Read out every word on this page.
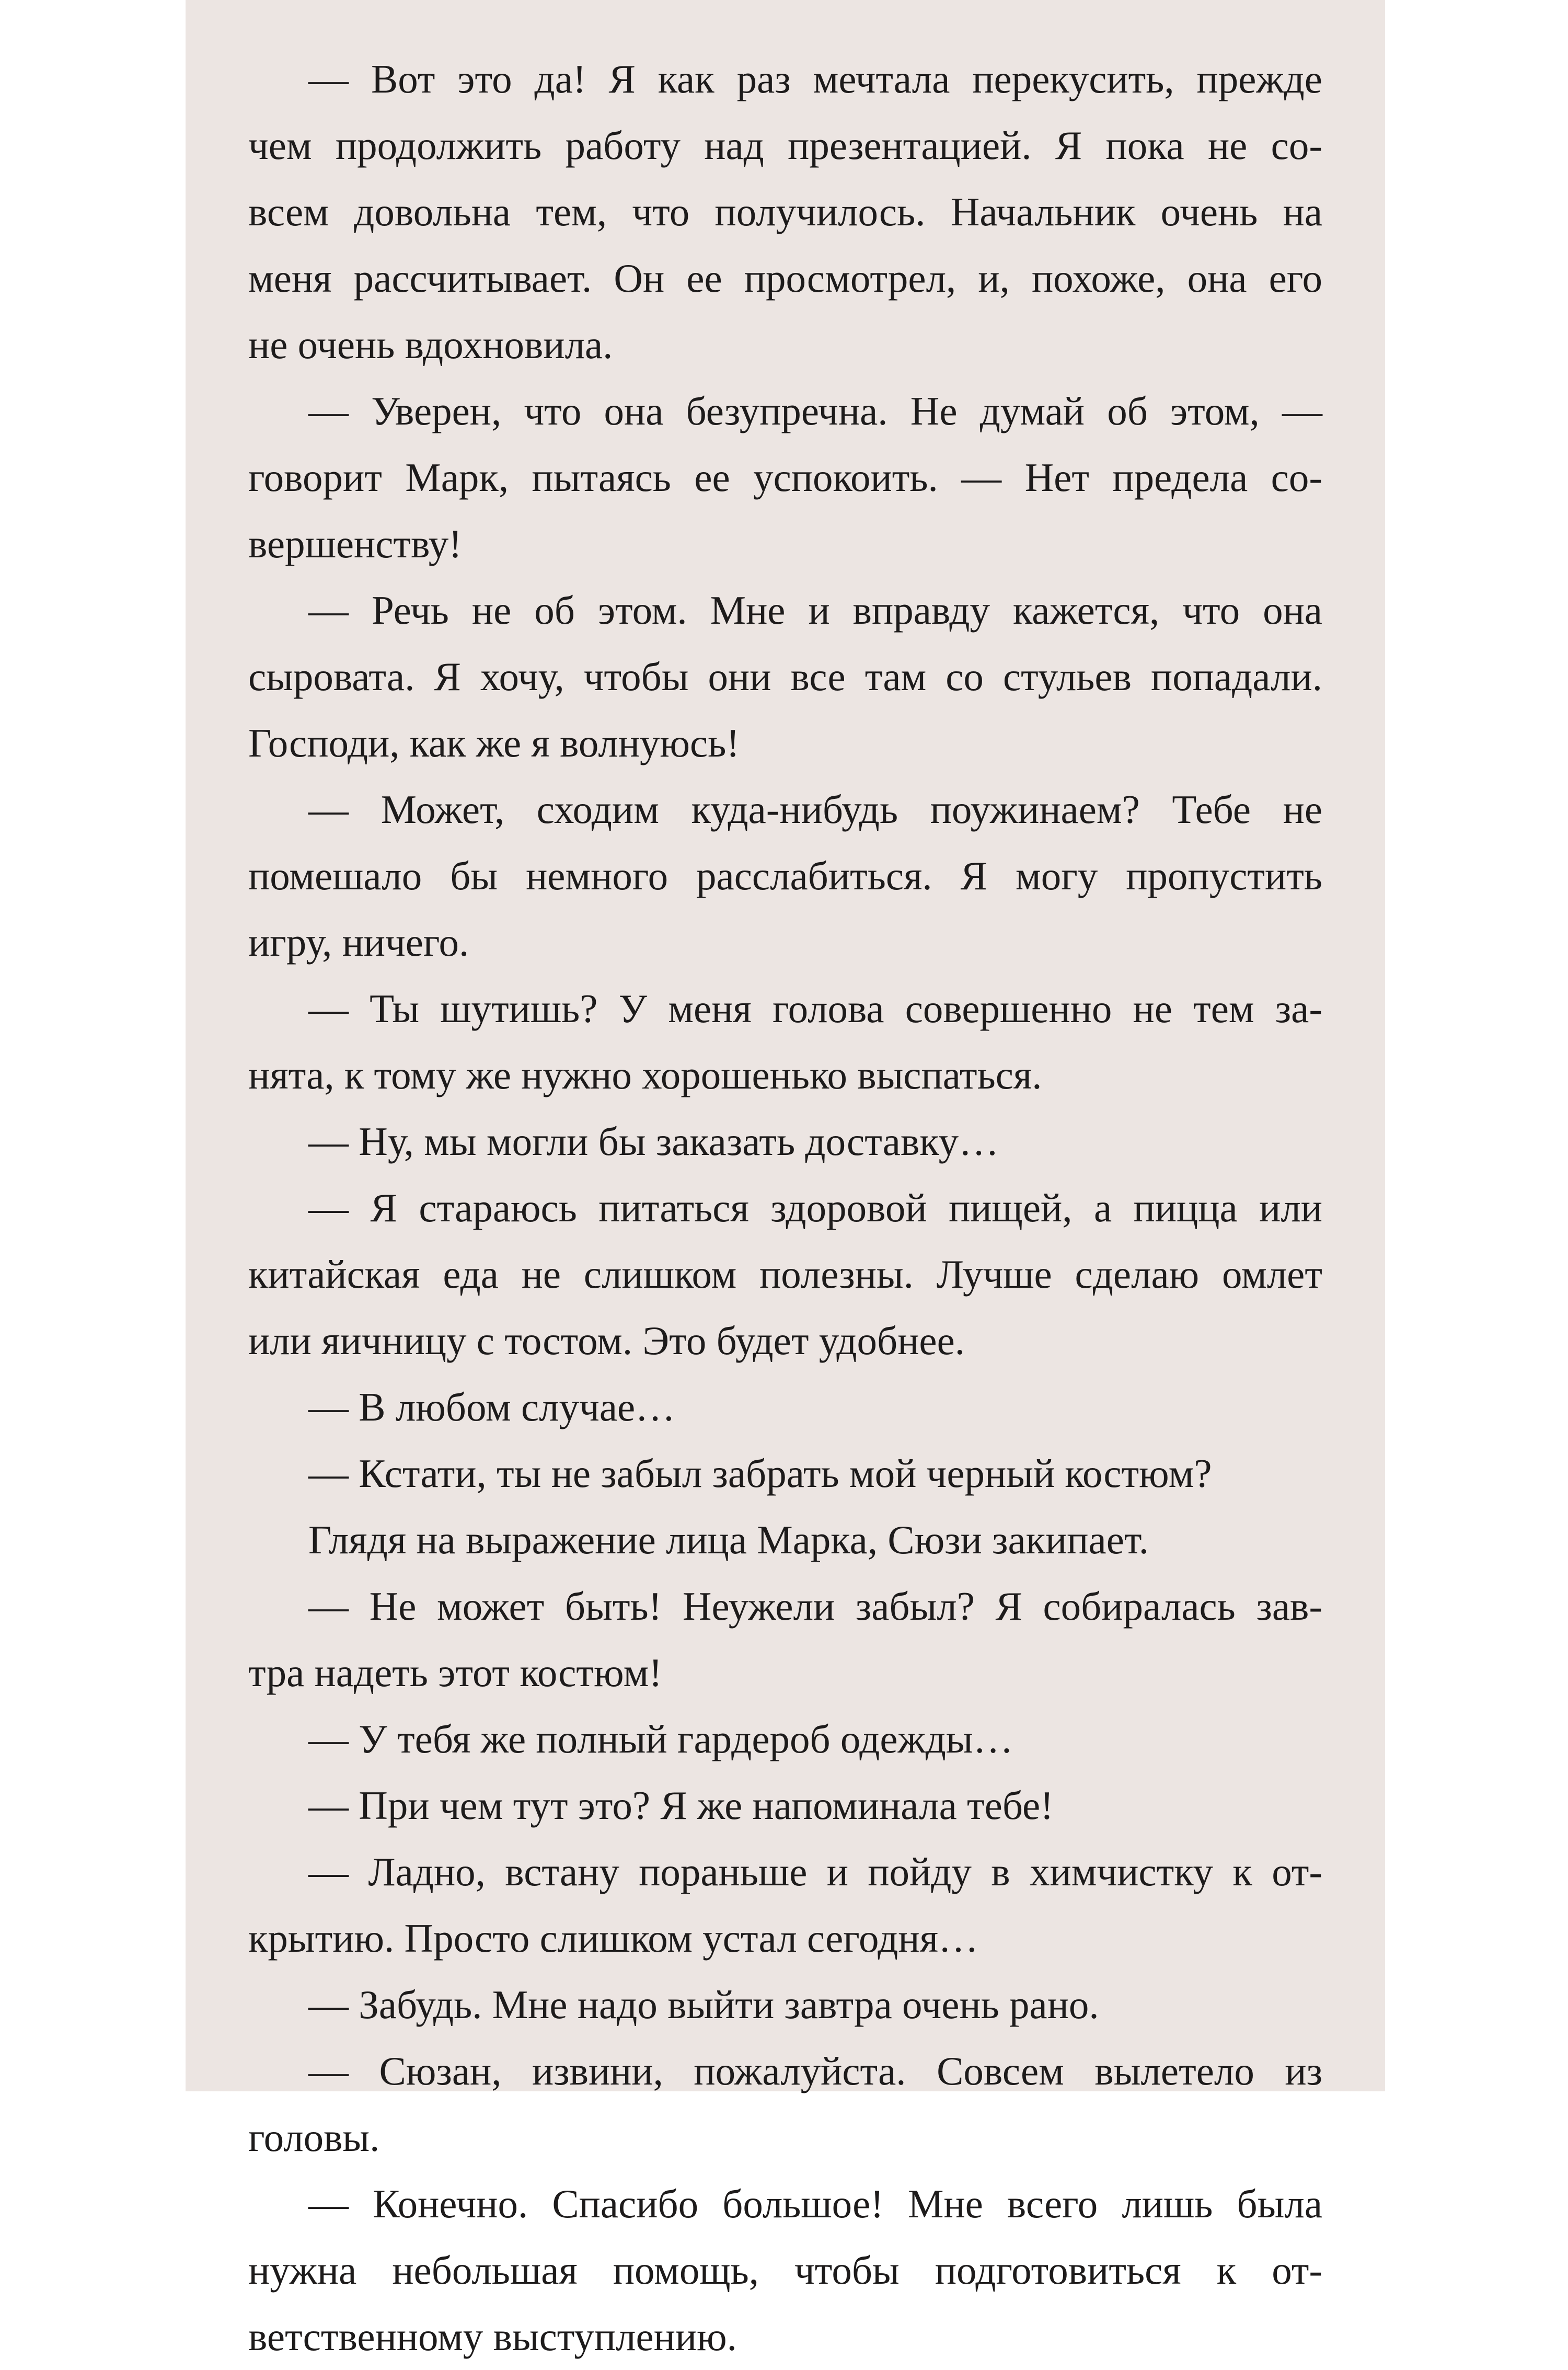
— Вот это да! Я как раз мечтала перекусить, прежде
чем продолжить работу над презентацией. Я пока не со-
всем довольна тем, что получилось. Начальник очень на
меня рассчитывает. Он ее просмотрел, и, похоже, она его
не очень вдохновила.
— Уверен, что она безупречна. Не думай об этом, —
говорит Марк, пытаясь ее успокоить. — Нет предела со-
вершенству!
— Речь не об этом. Мне и вправду кажется, что она
сыровата. Я хочу, чтобы они все там со стульев попадали.
Господи, как же я волнуюсь!
— Может, сходим куда-нибудь поужинаем? Тебе не
помешало бы немного расслабиться. Я могу пропустить
игру, ничего.
— Ты шутишь? У меня голова совершенно не тем за-
нята, к тому же нужно хорошенько выспаться.
— Ну, мы могли бы заказать доставку…
— Я стараюсь питаться здоровой пищей, а пицца или
китайская еда не слишком полезны. Лучше сделаю омлет
или яичницу с тостом. Это будет удобнее.
— В любом случае…
— Кстати, ты не забыл забрать мой черный костюм?
Глядя на выражение лица Марка, Сюзи закипает.
— Не может быть! Неужели забыл? Я собиралась зав-
тра надеть этот костюм!
— У тебя же полный гардероб одежды…
— При чем тут это? Я же напоминала тебе!
— Ладно, встану пораньше и пойду в химчистку к от-
крытию. Просто слишком устал сегодня…
— Забудь. Мне надо выйти завтра очень рано.
— Сюзан, извини, пожалуйста. Совсем вылетело из
головы.
— Конечно. Спасибо большое! Мне всего лишь была
нужна небольшая помощь, чтобы подготовиться к от-
ветственному выступлению.
